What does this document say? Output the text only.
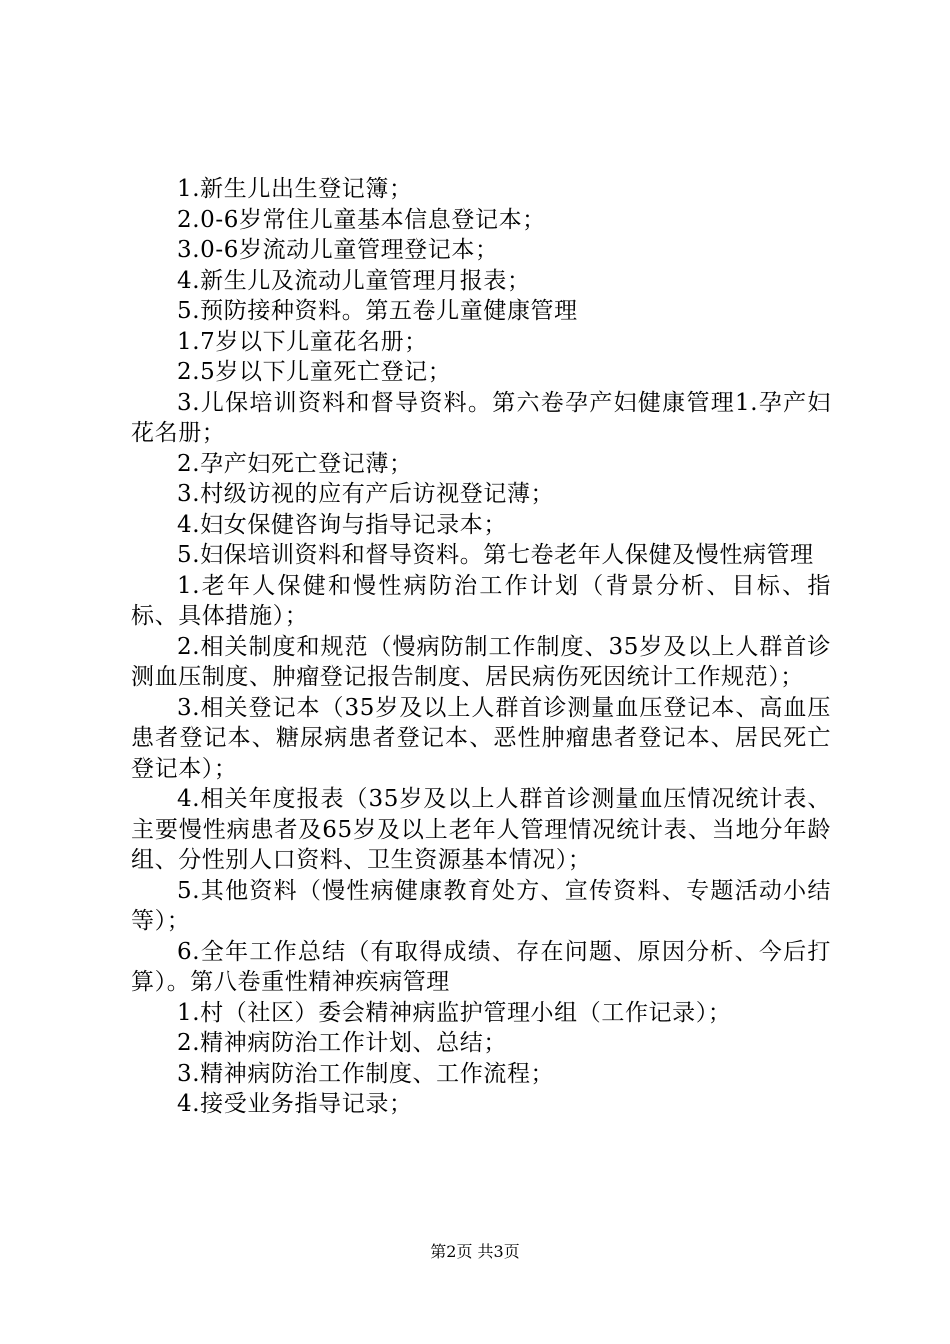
1.新生儿出生登记簿；

2.0-6岁常住儿童基本信息登记本；

3.0-6岁流动儿童管理登记本；

4.新生儿及流动儿童管理月报表；

5.预防接种资料。第五卷儿童健康管理

1.7岁以下儿童花名册；

2.5岁以下儿童死亡登记；

3.儿保培训资料和督导资料。第六卷孕产妇健康管理1.孕产妇花名册；

2.孕产妇死亡登记薄；

3.村级访视的应有产后访视登记薄；

4.妇女保健咨询与指导记录本；

5.妇保培训资料和督导资料。第七卷老年人保健及慢性病管理

1.老年人保健和慢性病防治工作计划（背景分析、目标、指标、具体措施）；

2.相关制度和规范（慢病防制工作制度、35岁及以上人群首诊测血压制度、肿瘤登记报告制度、居民病伤死因统计工作规范）；

3.相关登记本（35岁及以上人群首诊测量血压登记本、高血压患者登记本、糖尿病患者登记本、恶性肿瘤患者登记本、居民死亡登记本）；

4.相关年度报表（35岁及以上人群首诊测量血压情况统计表、主要慢性病患者及65岁及以上老年人管理情况统计表、当地分年龄组、分性别人口资料、卫生资源基本情况）；

5.其他资料（慢性病健康教育处方、宣传资料、专题活动小结等）；

6.全年工作总结（有取得成绩、存在问题、原因分析、今后打算）。第八卷重性精神疾病管理

1.村（社区）委会精神病监护管理小组（工作记录）；

2.精神病防治工作计划、总结；

3.精神病防治工作制度、工作流程；

4.接受业务指导记录；

第2页 共3页
